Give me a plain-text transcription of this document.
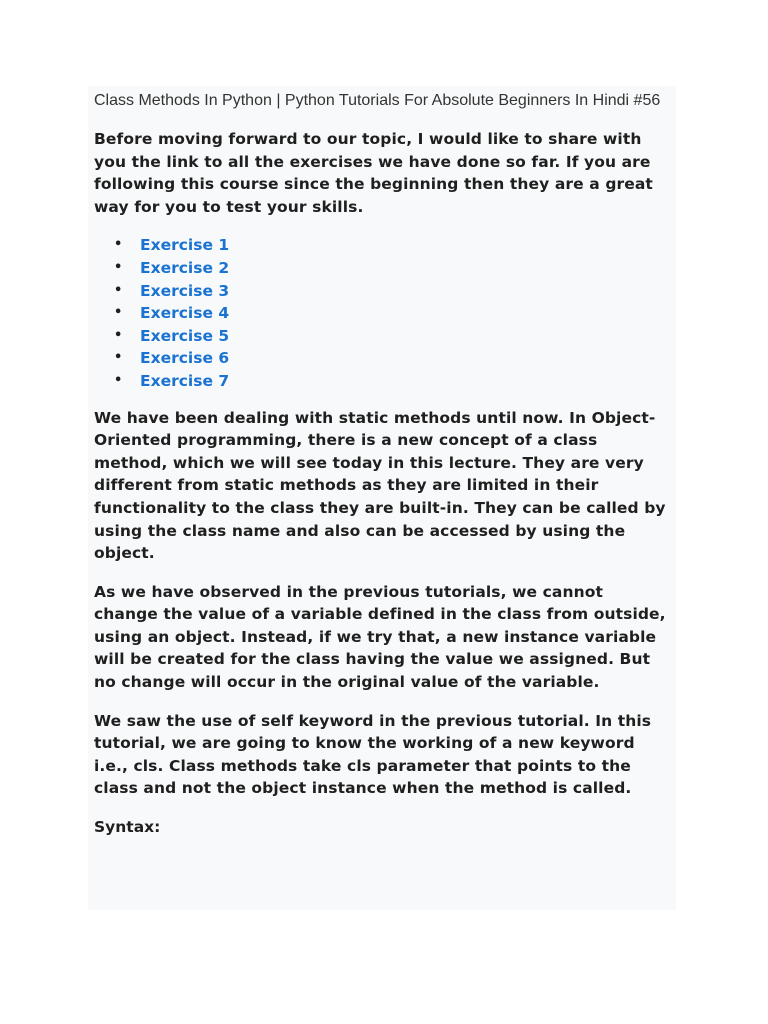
Class Methods In Python | Python Tutorials For Absolute Beginners In Hindi #56

Before moving forward to our topic, I would like to share with you the link to all the exercises we have done so far. If you are following this course since the beginning then they are a great way for you to test your skills.

• Exercise 1
• Exercise 2
• Exercise 3
• Exercise 4
• Exercise 5
• Exercise 6
• Exercise 7

We have been dealing with static methods until now. In Object-Oriented programming, there is a new concept of a class method, which we will see today in this lecture. They are very different from static methods as they are limited in their functionality to the class they are built-in. They can be called by using the class name and also can be accessed by using the object.

As we have observed in the previous tutorials, we cannot change the value of a variable defined in the class from outside, using an object. Instead, if we try that, a new instance variable will be created for the class having the value we assigned. But no change will occur in the original value of the variable.

We saw the use of self keyword in the previous tutorial. In this tutorial, we are going to know the working of a new keyword i.e., cls. Class methods take cls parameter that points to the class and not the object instance when the method is called.

Syntax:
